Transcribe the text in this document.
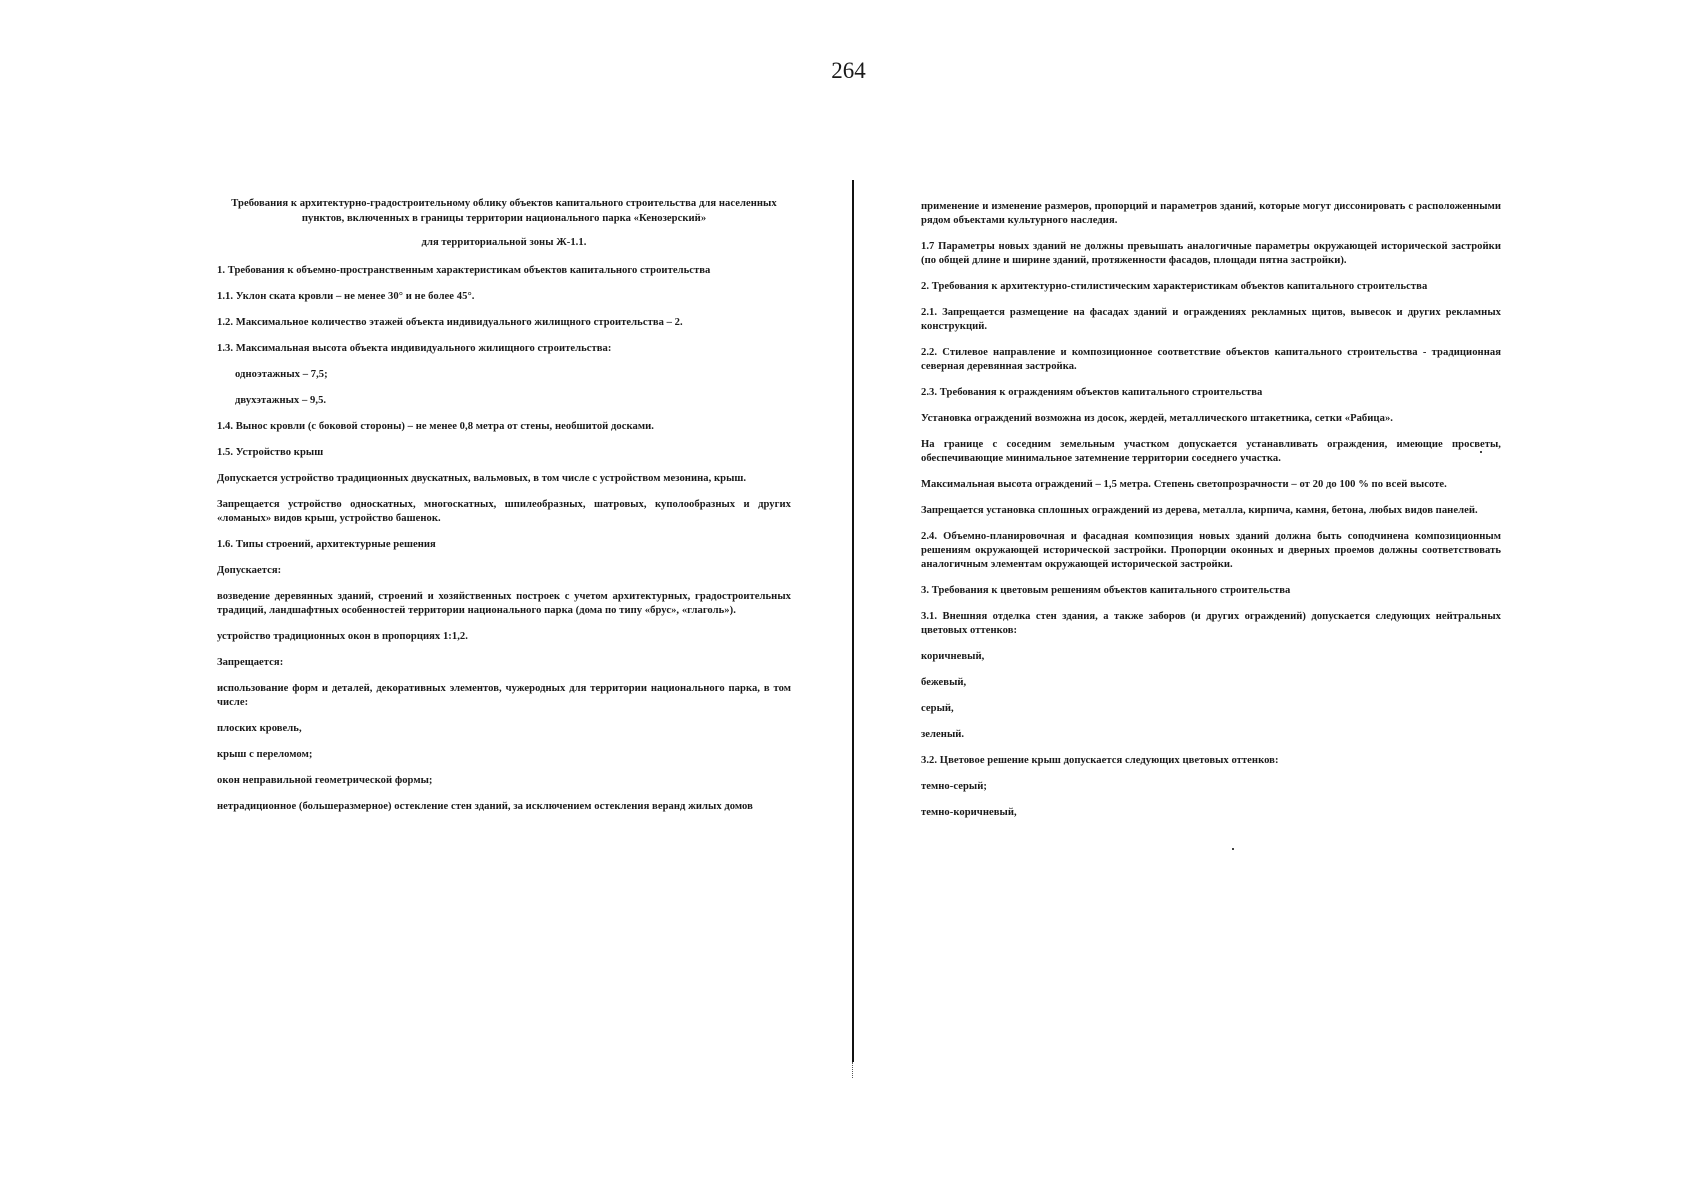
264
Требования к архитектурно-градостроительному облику объектов капитального строительства для населенных пунктов, включенных в границы территории национального парка «Кенозерский»
для территориальной зоны Ж-1.1.

1. Требования к объемно-пространственным характеристикам объектов капитального строительства

1.1. Уклон ската кровли – не менее 30° и не более 45°.

1.2. Максимальное количество этажей объекта индивидуального жилищного строительства – 2.

1.3. Максимальная высота объекта индивидуального жилищного строительства:

одноэтажных – 7,5;

двухэтажных – 9,5.

1.4. Вынос кровли (с боковой стороны) – не менее 0,8 метра от стены, необшитой досками.

1.5. Устройство крыш

Допускается устройство традиционных двускатных, вальмовых, в том числе с устройством мезонина, крыш.

Запрещается устройство односкатных, многоскатных, шпилеобразных, шатровых, куполообразных и других «ломаных» видов крыш, устройство башенок.

1.6. Типы строений, архитектурные решения

Допускается:

возведение деревянных зданий, строений и хозяйственных построек с учетом архитектурных, градостроительных традиций, ландшафтных особенностей территории национального парка (дома по типу «брус», «глаголь»).

устройство традиционных окон в пропорциях 1:1,2.

Запрещается:

использование форм и деталей, декоративных элементов, чужеродных для территории национального парка, в том числе:

плоских кровель,

крыш с переломом;

окон неправильной геометрической формы;

нетрадиционное (большеразмерное) остекление стен зданий, за исключением остекления веранд жилых домов

применение и изменение размеров, пропорций и параметров зданий, которые могут диссонировать с расположенными рядом объектами культурного наследия.

1.7 Параметры новых зданий не должны превышать аналогичные параметры окружающей исторической застройки (по общей длине и ширине зданий, протяженности фасадов, площади пятна застройки).

2. Требования к архитектурно-стилистическим характеристикам объектов капитального строительства

2.1. Запрещается размещение на фасадах зданий и ограждениях рекламных щитов, вывесок и других рекламных конструкций.

2.2. Стилевое направление и композиционное соответствие объектов капитального строительства - традиционная северная деревянная застройка.

2.3. Требования к ограждениям объектов капитального строительства

Установка ограждений возможна из досок, жердей, металлического штакетника, сетки «Рабица».

На границе с соседним земельным участком допускается устанавливать ограждения, имеющие просветы, обеспечивающие минимальное затемнение территории соседнего участка.

Максимальная высота ограждений – 1,5 метра. Степень светопрозрачности – от 20 до 100 % по всей высоте.

Запрещается установка сплошных ограждений из дерева, металла, кирпича, камня, бетона, любых видов панелей.

2.4. Объемно-планировочная и фасадная композиция новых зданий должна быть соподчинена композиционным решениям окружающей исторической застройки. Пропорции оконных и дверных проемов должны соответствовать аналогичным элементам окружающей исторической застройки.

3. Требования к цветовым решениям объектов капитального строительства

3.1. Внешняя отделка стен здания, а также заборов (и других ограждений) допускается следующих нейтральных цветовых оттенков:

коричневый,

бежевый,

серый,

зеленый.

3.2. Цветовое решение крыш допускается следующих цветовых оттенков:

темно-серый;

темно-коричневый,
